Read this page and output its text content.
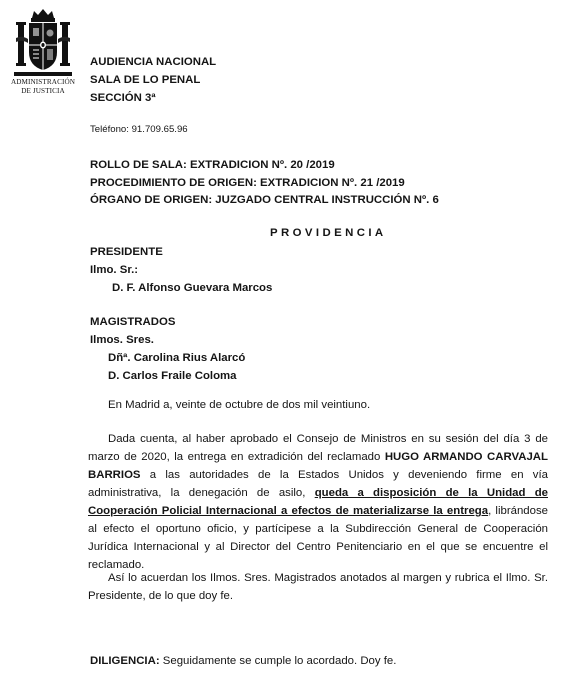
ADMINISTRACIÓN
DE JUSTICIA
AUDIENCIA NACIONAL
SALA DE LO PENAL
SECCIÓN 3ª
Teléfono: 91.709.65.96
ROLLO DE SALA: EXTRADICION Nº. 20 /2019
PROCEDIMIENTO DE ORIGEN: EXTRADICION Nº. 21 /2019
ÓRGANO DE ORIGEN: JUZGADO CENTRAL INSTRUCCIÓN Nº. 6
PROVIDENCIA
PRESIDENTE
Ilmo. Sr.:
D. F. Alfonso Guevara Marcos
MAGISTRADOS
Ilmos. Sres.
Dñª. Carolina Rius Alarcó
D. Carlos Fraile Coloma
En Madrid a, veinte de octubre de dos mil veintiuno.

Dada cuenta, al haber aprobado el Consejo de Ministros en su sesión del día 3 de marzo de 2020, la entrega en extradición del reclamado HUGO ARMANDO CARVAJAL BARRIOS a las autoridades de la Estados Unidos y deveniendo firme en vía administrativa, la denegación de asilo, queda a disposición de la Unidad de Cooperación Policial Internacional a efectos de materializarse la entrega, librándose al efecto el oportuno oficio, y partícipese a la Subdirección General de Cooperación Jurídica Internacional y al Director del Centro Penitenciario en el que se encuentre el reclamado.

Así lo acuerdan los Ilmos. Sres. Magistrados anotados al margen y rubrica el Ilmo. Sr. Presidente, de lo que doy fe.

DILIGENCIA: Seguidamente se cumple lo acordado. Doy fe.
